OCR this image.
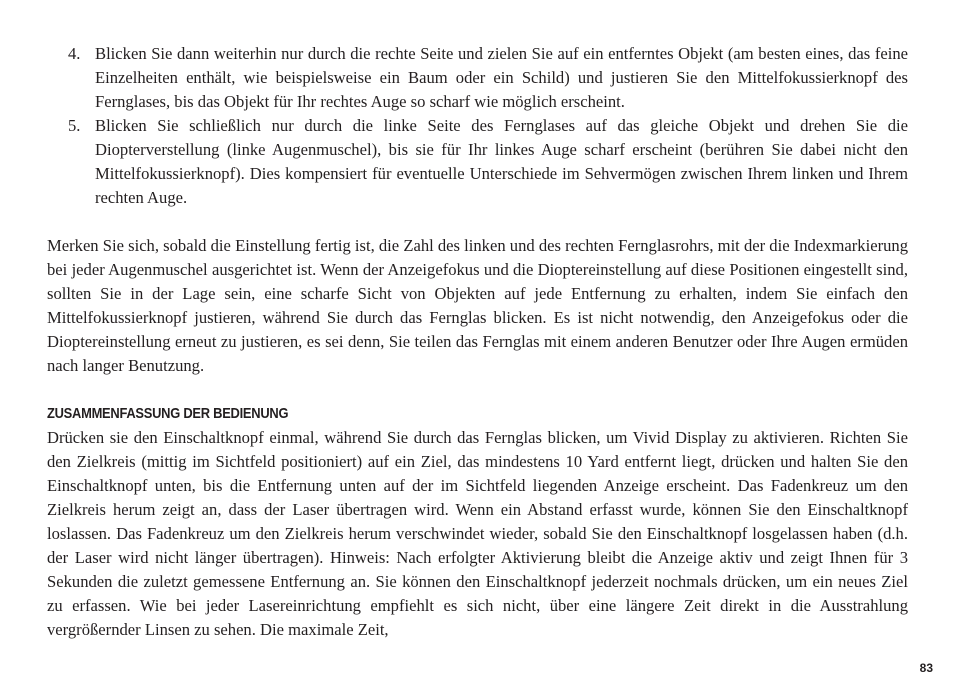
4. Blicken Sie dann weiterhin nur durch die rechte Seite und zielen Sie auf ein entferntes Objekt (am besten eines, das feine Einzelheiten enthält, wie beispielsweise ein Baum oder ein Schild) und justieren Sie den Mittelfokussierknopf des Fernglases, bis das Objekt für Ihr rechtes Auge so scharf wie möglich erscheint.
5. Blicken Sie schließlich nur durch die linke Seite des Fernglases auf das gleiche Objekt und drehen Sie die Diopterverstellung (linke Augenmuschel), bis sie für Ihr linkes Auge scharf erscheint (berühren Sie dabei nicht den Mittelfokussierknopf). Dies kompensiert für eventuelle Unterschiede im Sehvermögen zwischen Ihrem linken und Ihrem rechten Auge.

Merken Sie sich, sobald die Einstellung fertig ist, die Zahl des linken und des rechten Fernglasrohrs, mit der die Indexmarkierung bei jeder Augenmuschel ausgerichtet ist. Wenn der Anzeigefokus und die Dioptereinstellung auf diese Positionen eingestellt sind, sollten Sie in der Lage sein, eine scharfe Sicht von Objekten auf jede Entfernung zu erhalten, indem Sie einfach den Mittelfokussierknopf justieren, während Sie durch das Fernglas blicken. Es ist nicht notwendig, den Anzeigefokus oder die Dioptereinstellung erneut zu justieren, es sei denn, Sie teilen das Fernglas mit einem anderen Benutzer oder Ihre Augen ermüden nach langer Benutzung.

ZUSAMMENFASSUNG DER BEDIENUNG

Drücken sie den Einschaltknopf einmal, während Sie durch das Fernglas blicken, um Vivid Display zu aktivieren. Richten Sie den Zielkreis (mittig im Sichtfeld positioniert) auf ein Ziel, das mindestens 10 Yard entfernt liegt, drücken und halten Sie den Einschaltknopf unten, bis die Entfernung unten auf der im Sichtfeld liegenden Anzeige erscheint. Das Fadenkreuz um den Zielkreis herum zeigt an, dass der Laser übertragen wird. Wenn ein Abstand erfasst wurde, können Sie den Einschaltknopf loslassen. Das Fadenkreuz um den Zielkreis herum verschwindet wieder, sobald Sie den Einschaltknopf losgelassen haben (d.h. der Laser wird nicht länger übertragen). Hinweis: Nach erfolgter Aktivierung bleibt die Anzeige aktiv und zeigt Ihnen für 3 Sekunden die zuletzt gemessene Entfernung an. Sie können den Einschaltknopf jederzeit nochmals drücken, um ein neues Ziel zu erfassen. Wie bei jeder Lasereinrichtung empfiehlt es sich nicht, über eine längere Zeit direkt in die Ausstrahlung vergrößernder Linsen zu sehen. Die maximale Zeit,

83
